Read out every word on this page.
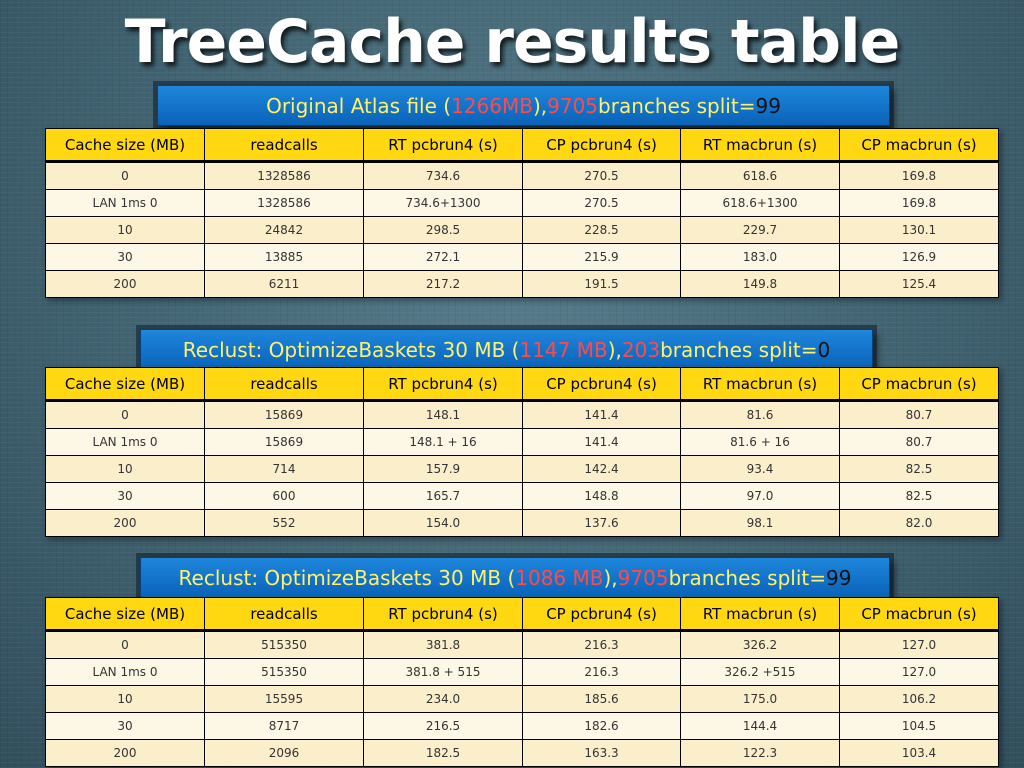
TreeCache results table
Original Atlas file ( 1266MB ), 9705 branches split= 99
Cache size (MB)	readcalls	RT pcbrun4 (s)	CP pcbrun4 (s)	RT macbrun (s)	CP macbrun (s)
0	1328586	734.6	270.5	618.6	169.8
LAN 1ms 0	1328586	734.6+1300	270.5	618.6+1300	169.8
10	24842	298.5	228.5	229.7	130.1
30	13885	272.1	215.9	183.0	126.9
200	6211	217.2	191.5	149.8	125.4
Reclust: OptimizeBaskets 30 MB ( 1147 MB ), 203 branches split= 0
Cache size (MB)	readcalls	RT pcbrun4 (s)	CP pcbrun4 (s)	RT macbrun (s)	CP macbrun (s)
0	15869	148.1	141.4	81.6	80.7
LAN 1ms 0	15869	148.1 + 16	141.4	81.6 + 16	80.7
10	714	157.9	142.4	93.4	82.5
30	600	165.7	148.8	97.0	82.5
200	552	154.0	137.6	98.1	82.0
Reclust: OptimizeBaskets 30 MB ( 1086 MB ), 9705 branches split= 99
Cache size (MB)	readcalls	RT pcbrun4 (s)	CP pcbrun4 (s)	RT macbrun (s)	CP macbrun (s)
0	515350	381.8	216.3	326.2	127.0
LAN 1ms 0	515350	381.8 + 515	216.3	326.2 +515	127.0
10	15595	234.0	185.6	175.0	106.2
30	8717	216.5	182.6	144.4	104.5
200	2096	182.5	163.3	122.3	103.4
